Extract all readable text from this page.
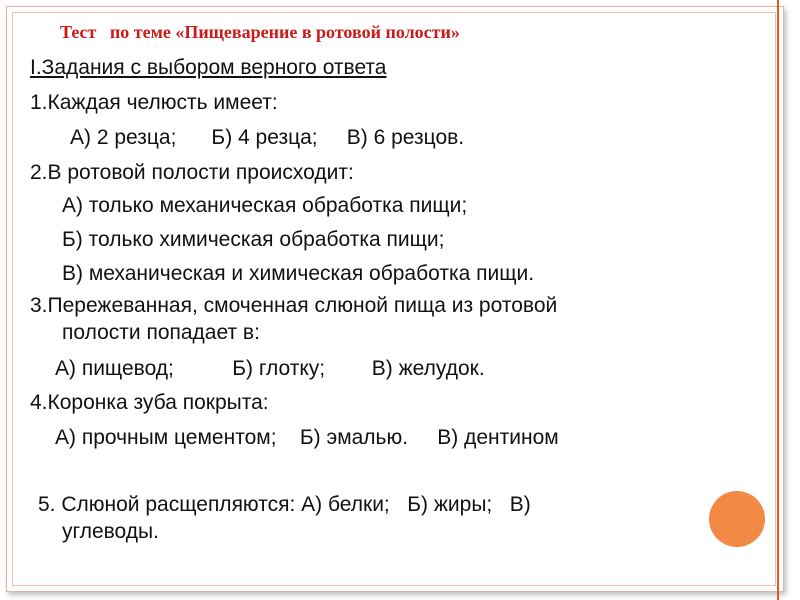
Тест   по теме «Пищеварение в ротовой полости»
I.Задания с выбором верного ответа
1.Каждая челюсть имеет:
А) 2 резца;      Б) 4 резца;     В) 6 резцов.
2.В ротовой полости происходит:
А) только механическая обработка пищи;
Б) только химическая обработка пищи;
В) механическая и химическая обработка пищи.
3.Пережеванная, смоченная слюной пища из ротовой
полости попадает в:
А) пищевод;          Б) глотку;        В) желудок.
4.Коронка зуба покрыта:
А) прочным цементом;    Б) эмалью.     В) дентином
5. Слюной расщепляются: А) белки;   Б) жиры;   В)
углеводы.
